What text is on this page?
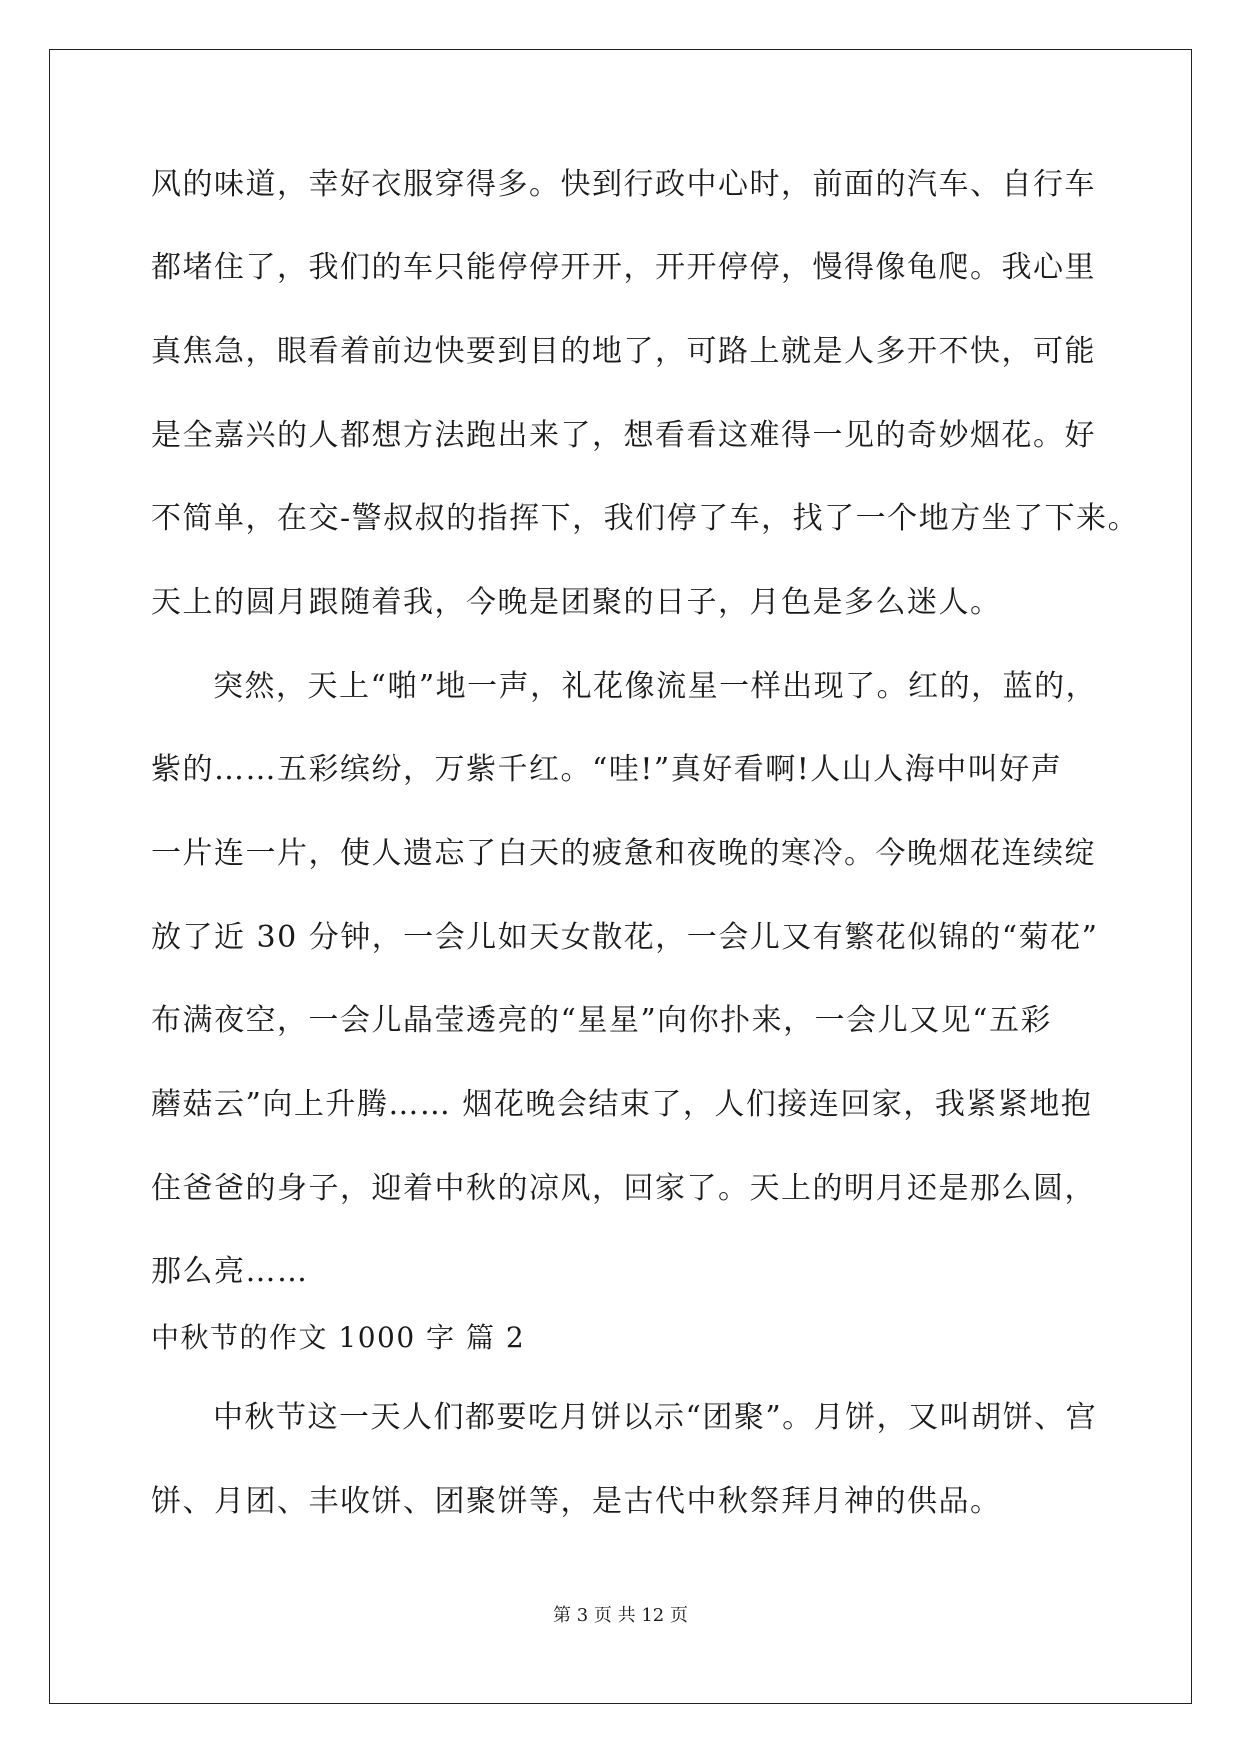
风的味道，幸好衣服穿得多。快到行政中心时，前面的汽车、自行车
都堵住了，我们的车只能停停开开，开开停停，慢得像龟爬。我心里
真焦急，眼看着前边快要到目的地了，可路上就是人多开不快，可能
是全嘉兴的人都想方法跑出来了，想看看这难得一见的奇妙烟花。好
不简单，在交-警叔叔的指挥下，我们停了车，找了一个地方坐了下来。
天上的圆月跟随着我，今晚是团聚的日子，月色是多么迷人。
突然，天上“啪”地一声，礼花像流星一样出现了。红的，蓝的，
紫的……五彩缤纷，万紫千红。“哇!”真好看啊!人山人海中叫好声
一片连一片，使人遗忘了白天的疲惫和夜晚的寒冷。今晚烟花连续绽
放了近 30 分钟，一会儿如天女散花，一会儿又有繁花似锦的“菊花”
布满夜空，一会儿晶莹透亮的“星星”向你扑来，一会儿又见“五彩
蘑菇云”向上升腾…… 烟花晚会结束了，人们接连回家，我紧紧地抱
住爸爸的身子，迎着中秋的凉风，回家了。天上的明月还是那么圆，
那么亮……
中秋节的作文 1000 字 篇 2
中秋节这一天人们都要吃月饼以示“团聚”。月饼，又叫胡饼、宫
饼、月团、丰收饼、团聚饼等，是古代中秋祭拜月神的供品。
第 3 页 共 12 页
